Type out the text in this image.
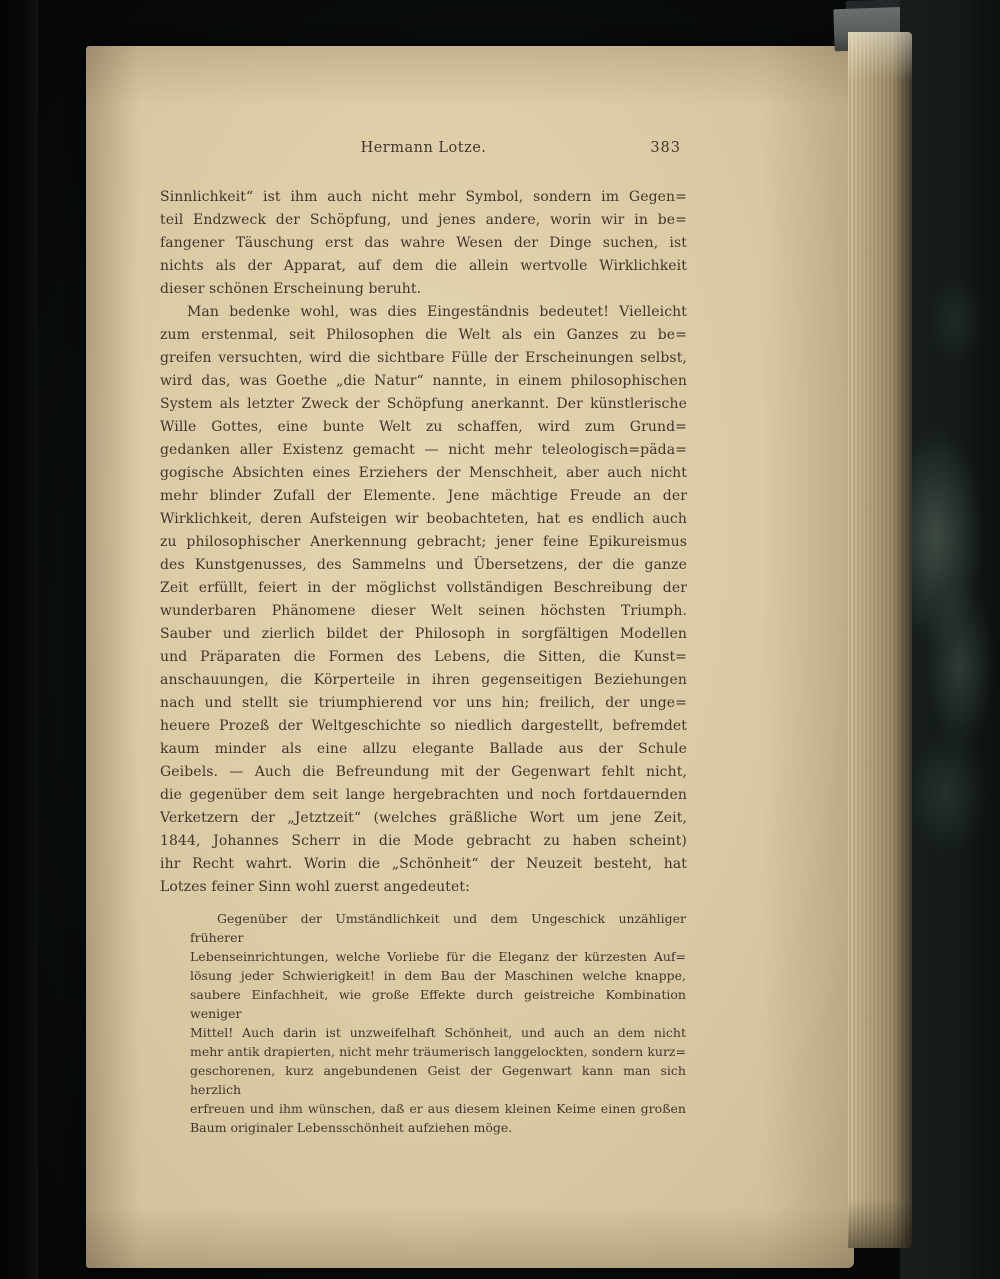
Hermann Lotze.	383
Sinnlichkeit“ ist ihm auch nicht mehr Symbol, sondern im Gegen=
teil Endzweck der Schöpfung, und jenes andere, worin wir in be=
fangener Täuschung erst das wahre Wesen der Dinge suchen, ist
nichts als der Apparat, auf dem die allein wertvolle Wirklichkeit
dieser schönen Erscheinung beruht.
Man bedenke wohl, was dies Eingeständnis bedeutet! Vielleicht
zum erstenmal, seit Philosophen die Welt als ein Ganzes zu be=
greifen versuchten, wird die sichtbare Fülle der Erscheinungen selbst,
wird das, was Goethe „die Natur“ nannte, in einem philosophischen
System als letzter Zweck der Schöpfung anerkannt. Der künstlerische
Wille Gottes, eine bunte Welt zu schaffen, wird zum Grund=
gedanken aller Existenz gemacht — nicht mehr teleologisch=päda=
gogische Absichten eines Erziehers der Menschheit, aber auch nicht
mehr blinder Zufall der Elemente. Jene mächtige Freude an der
Wirklichkeit, deren Aufsteigen wir beobachteten, hat es endlich auch
zu philosophischer Anerkennung gebracht; jener feine Epikureismus
des Kunstgenusses, des Sammelns und Übersetzens, der die ganze
Zeit erfüllt, feiert in der möglichst vollständigen Beschreibung der
wunderbaren Phänomene dieser Welt seinen höchsten Triumph.
Sauber und zierlich bildet der Philosoph in sorgfältigen Modellen
und Präparaten die Formen des Lebens, die Sitten, die Kunst=
anschauungen, die Körperteile in ihren gegenseitigen Beziehungen
nach und stellt sie triumphierend vor uns hin; freilich, der unge=
heuere Prozeß der Weltgeschichte so niedlich dargestellt, befremdet
kaum minder als eine allzu elegante Ballade aus der Schule
Geibels. — Auch die Befreundung mit der Gegenwart fehlt nicht,
die gegenüber dem seit lange hergebrachten und noch fortdauernden
Verketzern der „Jetztzeit“ (welches gräßliche Wort um jene Zeit,
1844, Johannes Scherr in die Mode gebracht zu haben scheint)
ihr Recht wahrt. Worin die „Schönheit“ der Neuzeit besteht, hat
Lotzes feiner Sinn wohl zuerst angedeutet:
Gegenüber der Umständlichkeit und dem Ungeschick unzähliger früherer
Lebenseinrichtungen, welche Vorliebe für die Eleganz der kürzesten Auf=
lösung jeder Schwierigkeit! in dem Bau der Maschinen welche knappe,
saubere Einfachheit, wie große Effekte durch geistreiche Kombination weniger
Mittel! Auch darin ist unzweifelhaft Schönheit, und auch an dem nicht
mehr antik drapierten, nicht mehr träumerisch langgelockten, sondern kurz=
geschorenen, kurz angebundenen Geist der Gegenwart kann man sich herzlich
erfreuen und ihm wünschen, daß er aus diesem kleinen Keime einen großen
Baum originaler Lebensschönheit aufziehen möge.
